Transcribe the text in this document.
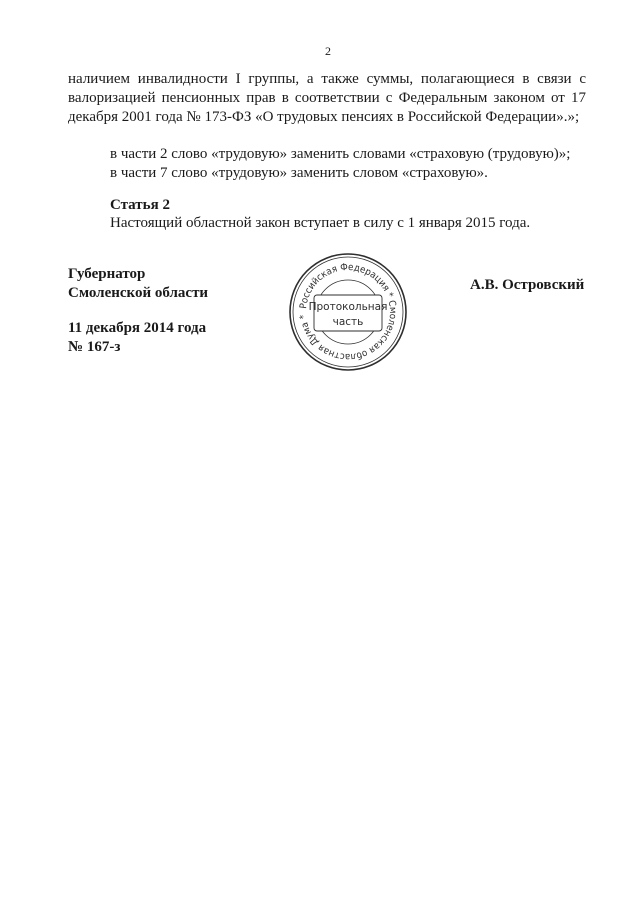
2

наличием инвалидности I группы, а также суммы, полагающиеся в связи с валоризацией пенсионных прав в соответствии с Федеральным законом от 17 декабря 2001 года № 173-ФЗ «О трудовых пенсиях в Российской Федерации».»;

в части 2 слово «трудовую» заменить словами «страховую (трудовую)»;
в части 7 слово «трудовую» заменить словом «страховую».
Статья 2
Настоящий областной закон вступает в силу с 1 января 2015 года.
Губернатор
Смоленской области
11 декабря 2014 года
№ 167-з
А.В. Островский
Российская Федерация * Смоленская областная Дума *
Протокольная
часть
